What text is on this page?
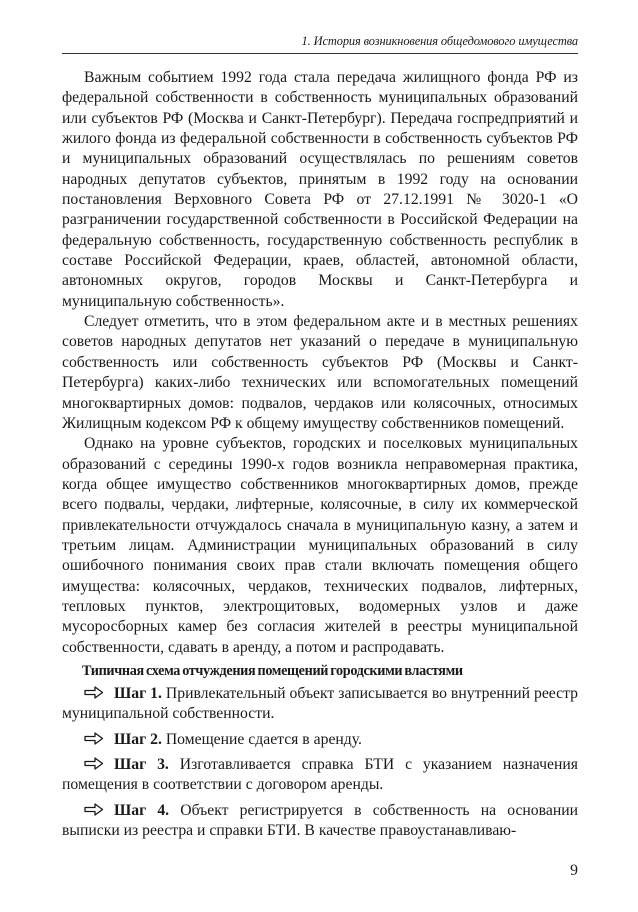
1. История возникновения общедомового имущества

Важным событием 1992 года стала передача жилищного фонда РФ из федеральной собственности в собственность муниципальных образований или субъектов РФ (Москва и Санкт-Петербург). Передача госпредприятий и жилого фонда из федеральной собственности в собственность субъектов РФ и муниципальных образований осуществлялась по решениям советов народных депутатов субъектов, принятым в 1992 году на основании постановления Верховного Совета РФ от 27.12.1991 № 3020-1 «О разграничении государственной собственности в Российской Федерации на федеральную собственность, государственную собственность республик в составе Российской Федерации, краев, областей, автономной области, автономных округов, городов Москвы и Санкт-Петербурга и муниципальную собственность».

Следует отметить, что в этом федеральном акте и в местных решениях советов народных депутатов нет указаний о передаче в муниципальную собственность или собственность субъектов РФ (Москвы и Санкт-Петербурга) каких-либо технических или вспомогательных помещений многоквартирных домов: подвалов, чердаков или колясочных, относимых Жилищным кодексом РФ к общему имуществу собственников помещений.

Однако на уровне субъектов, городских и поселковых муниципальных образований с середины 1990-х годов возникла неправомерная практика, когда общее имущество собственников многоквартирных домов, прежде всего подвалы, чердаки, лифтерные, колясочные, в силу их коммерческой привлекательности отчуждалось сначала в муниципальную казну, а затем и третьим лицам. Администрации муниципальных образований в силу ошибочного понимания своих прав стали включать помещения общего имущества: колясочных, чердаков, технических подвалов, лифтерных, тепловых пунктов, электрощитовых, водомерных узлов и даже мусоросборных камер без согласия жителей в реестры муниципальной собственности, сдавать в аренду, а потом и распродавать.

Типичная схема отчуждения помещений городскими властями

Шаг 1. Привлекательный объект записывается во внутренний реестр муниципальной собственности.

Шаг 2. Помещение сдается в аренду.

Шаг 3. Изготавливается справка БТИ с указанием назначения помещения в соответствии с договором аренды.

Шаг 4. Объект регистрируется в собственность на основании выписки из реестра и справки БТИ. В качестве правоустанавливаю-

9
